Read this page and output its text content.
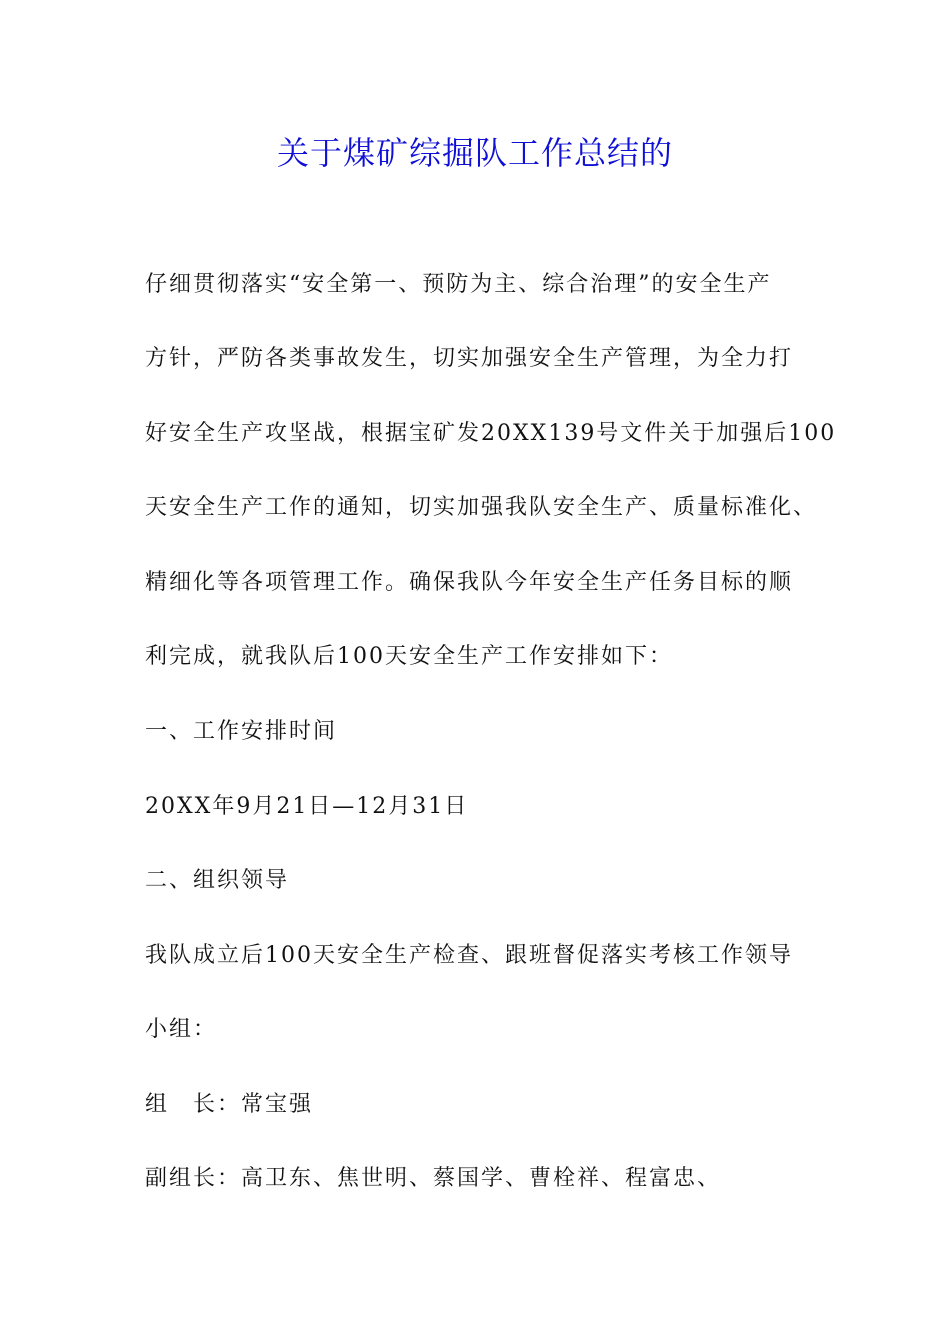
关于煤矿综掘队工作总结的
仔细贯彻落实“安全第一、预防为主、综合治理”的安全生产
方针，严防各类事故发生，切实加强安全生产管理，为全力打
好安全生产攻坚战，根据宝矿发20XX139号文件关于加强后100
天安全生产工作的通知，切实加强我队安全生产、质量标准化、
精细化等各项管理工作。确保我队今年安全生产任务目标的顺
利完成，就我队后100天安全生产工作安排如下：
一、工作安排时间
20XX年9月21日—12月31日
二、组织领导
我队成立后100天安全生产检查、跟班督促落实考核工作领导
小组：
组　长：常宝强
副组长：高卫东、焦世明、蔡国学、曹栓祥、程富忠、
